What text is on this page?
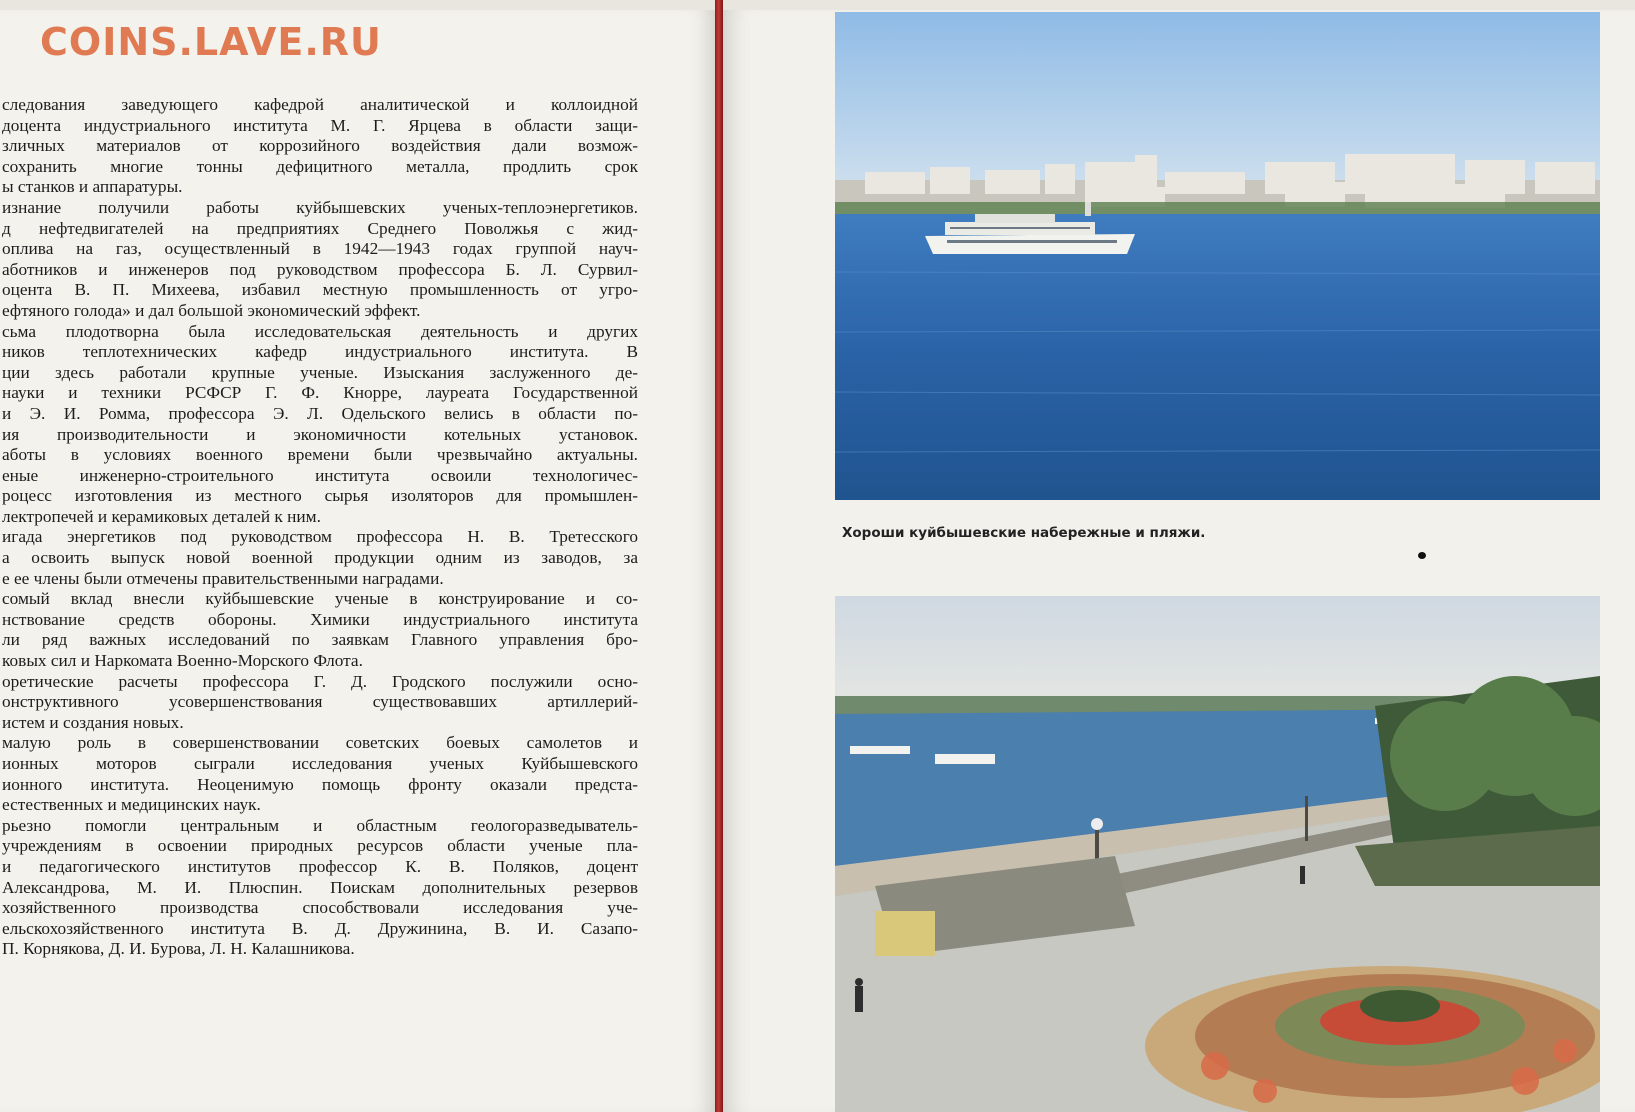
COINS.LAVE.RU
следования заведующего кафедрой аналитической и коллоидной
доцента индустриального института М. Г. Ярцева в области защи-
зличных материалов от коррозийного воздействия дали возмож-
сохранить многие тонны дефицитного металла, продлить срок
ы станков и аппаратуры.
изнание получили работы куйбышевских ученых-теплоэнергетиков.
д нефтедвигателей на предприятиях Среднего Поволжья с жид-
оплива на газ, осуществленный в 1942—1943 годах группой науч-
аботников и инженеров под руководством профессора Б. Л. Сурвил-
оцента В. П. Михеева, избавил местную промышленность от угро-
ефтяного голода» и дал большой экономический эффект.
сьма плодотворна была исследовательская деятельность и других
ников теплотехнических кафедр индустриального института. В
ции здесь работали крупные ученые. Изыскания заслуженного де-
науки и техники РСФСР Г. Ф. Кнорре, лауреата Государственной
и Э. И. Ромма, профессора Э. Л. Одельского велись в области по-
ия производительности и экономичности котельных установок.
аботы в условиях военного времени были чрезвычайно актуальны.
еные инженерно-строительного института освоили технологичес-
роцесс изготовления из местного сырья изоляторов для промышлен-
лектропечей и керамиковых деталей к ним.
игада энергетиков под руководством профессора Н. В. Третесского
а освоить выпуск новой военной продукции одним из заводов, за
е ее члены были отмечены правительственными наградами.
сомый вклад внесли куйбышевские ученые в конструирование и со-
нствование средств обороны. Химики индустриального института
ли ряд важных исследований по заявкам Главного управления бро-
ковых сил и Наркомата Военно-Морского Флота.
оретические расчеты профессора Г. Д. Гродского послужили осно-
онструктивного усовершенствования существовавших артиллерий-
истем и создания новых.
малую роль в совершенствовании советских боевых самолетов и
ионных моторов сыграли исследования ученых Куйбышевского
ионного института. Неоценимую помощь фронту оказали предста-
естественных и медицинских наук.
рьезно помогли центральным и областным геологоразведыватель-
учреждениям в освоении природных ресурсов области ученые пла-
и педагогического институтов профессор К. В. Поляков, доцент
Александрова, М. И. Плюспин. Поискам дополнительных резервов
хозяйственного производства способствовали исследования уче-
ельскохозяйственного института В. Д. Дружинина, В. И. Сазапо-
П. Корнякова, Д. И. Бурова, Л. Н. Калашникова.
Хороши куйбышевские набережные и пляжи.
